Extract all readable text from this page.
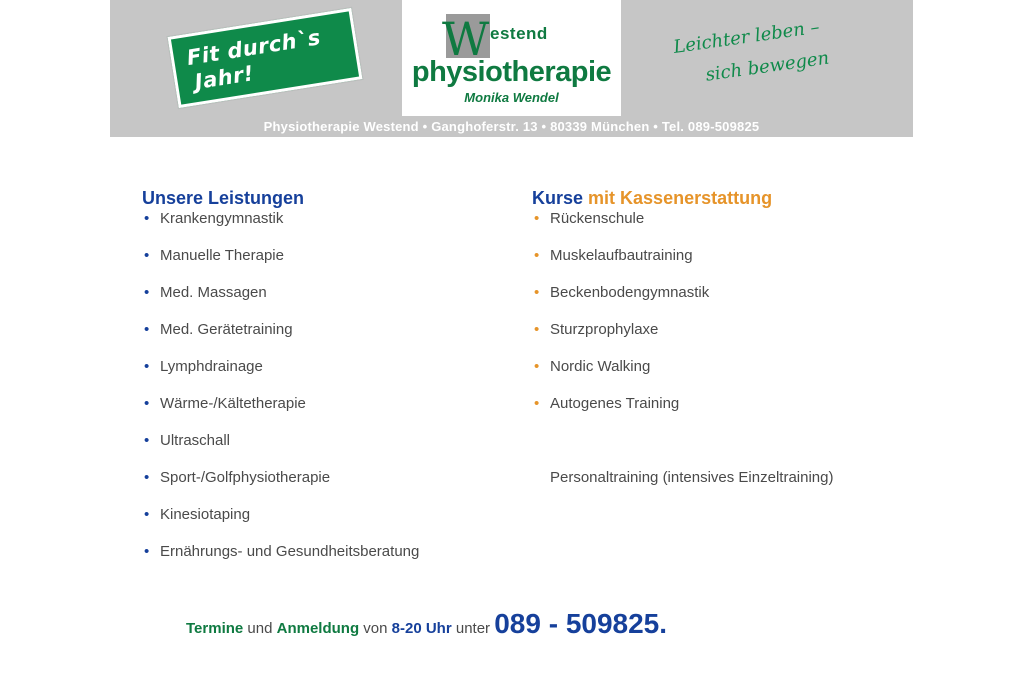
Fit durch`s
Jahr!
W estend
physiotherapie
Monika Wendel
Leichter leben –
sich bewegen
Physiotherapie Westend • Ganghoferstr. 13 • 80339 München • Tel. 089-509825
Unsere Leistungen
• Krankengymnastik
• Manuelle Therapie
• Med. Massagen
• Med. Gerätetraining
• Lymphdrainage
• Wärme-/Kältetherapie
• Ultraschall
• Sport-/Golfphysiotherapie
• Kinesiotaping
• Ernährungs- und Gesundheitsberatung
Kurse mit Kassenerstattung
• Rückenschule
• Muskelaufbautraining
• Beckenbodengymnastik
• Sturzprophylaxe
• Nordic Walking
• Autogenes Training
Personaltraining (intensives Einzeltraining)
Termine und Anmeldung von 8-20 Uhr unter 089 - 509825.
